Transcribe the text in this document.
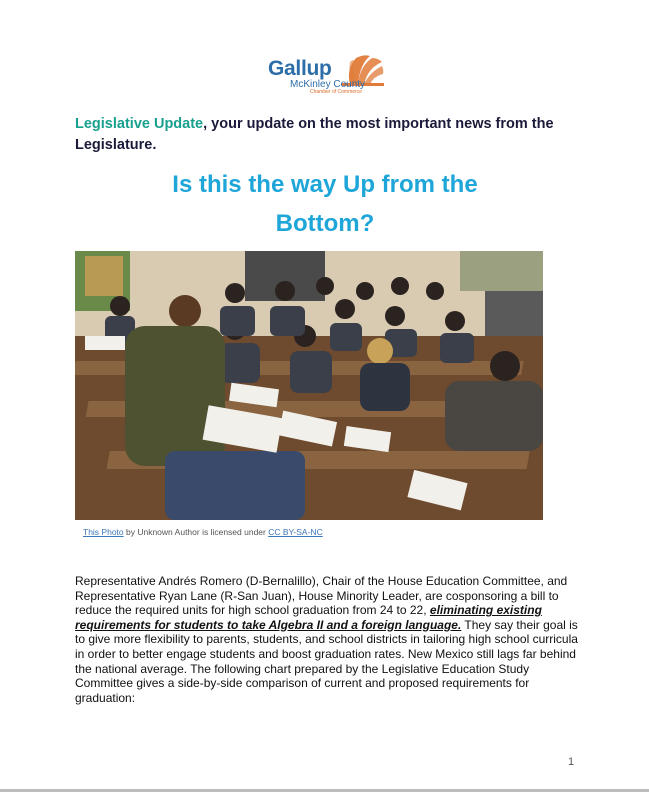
Gallup
McKinley County
Chamber of Commerce
Legislative Update, your update on the most important news from the Legislature.
Is this the way Up from the
Bottom?
This Photo by Unknown Author is licensed under CC BY-SA-NC
Representative Andrés Romero (D-Bernalillo), Chair of the House Education Committee, and Representative Ryan Lane (R-San Juan), House Minority Leader, are cosponsoring a bill to reduce the required units for high school graduation from 24 to 22, eliminating existing requirements for students to take Algebra II and a foreign language. They say their goal is to give more flexibility to parents, students, and school districts in tailoring high school curricula in order to better engage students and boost graduation rates. New Mexico still lags far behind the national average. The following chart prepared by the Legislative Education Study Committee gives a side-by-side comparison of current and proposed requirements for graduation:
1
